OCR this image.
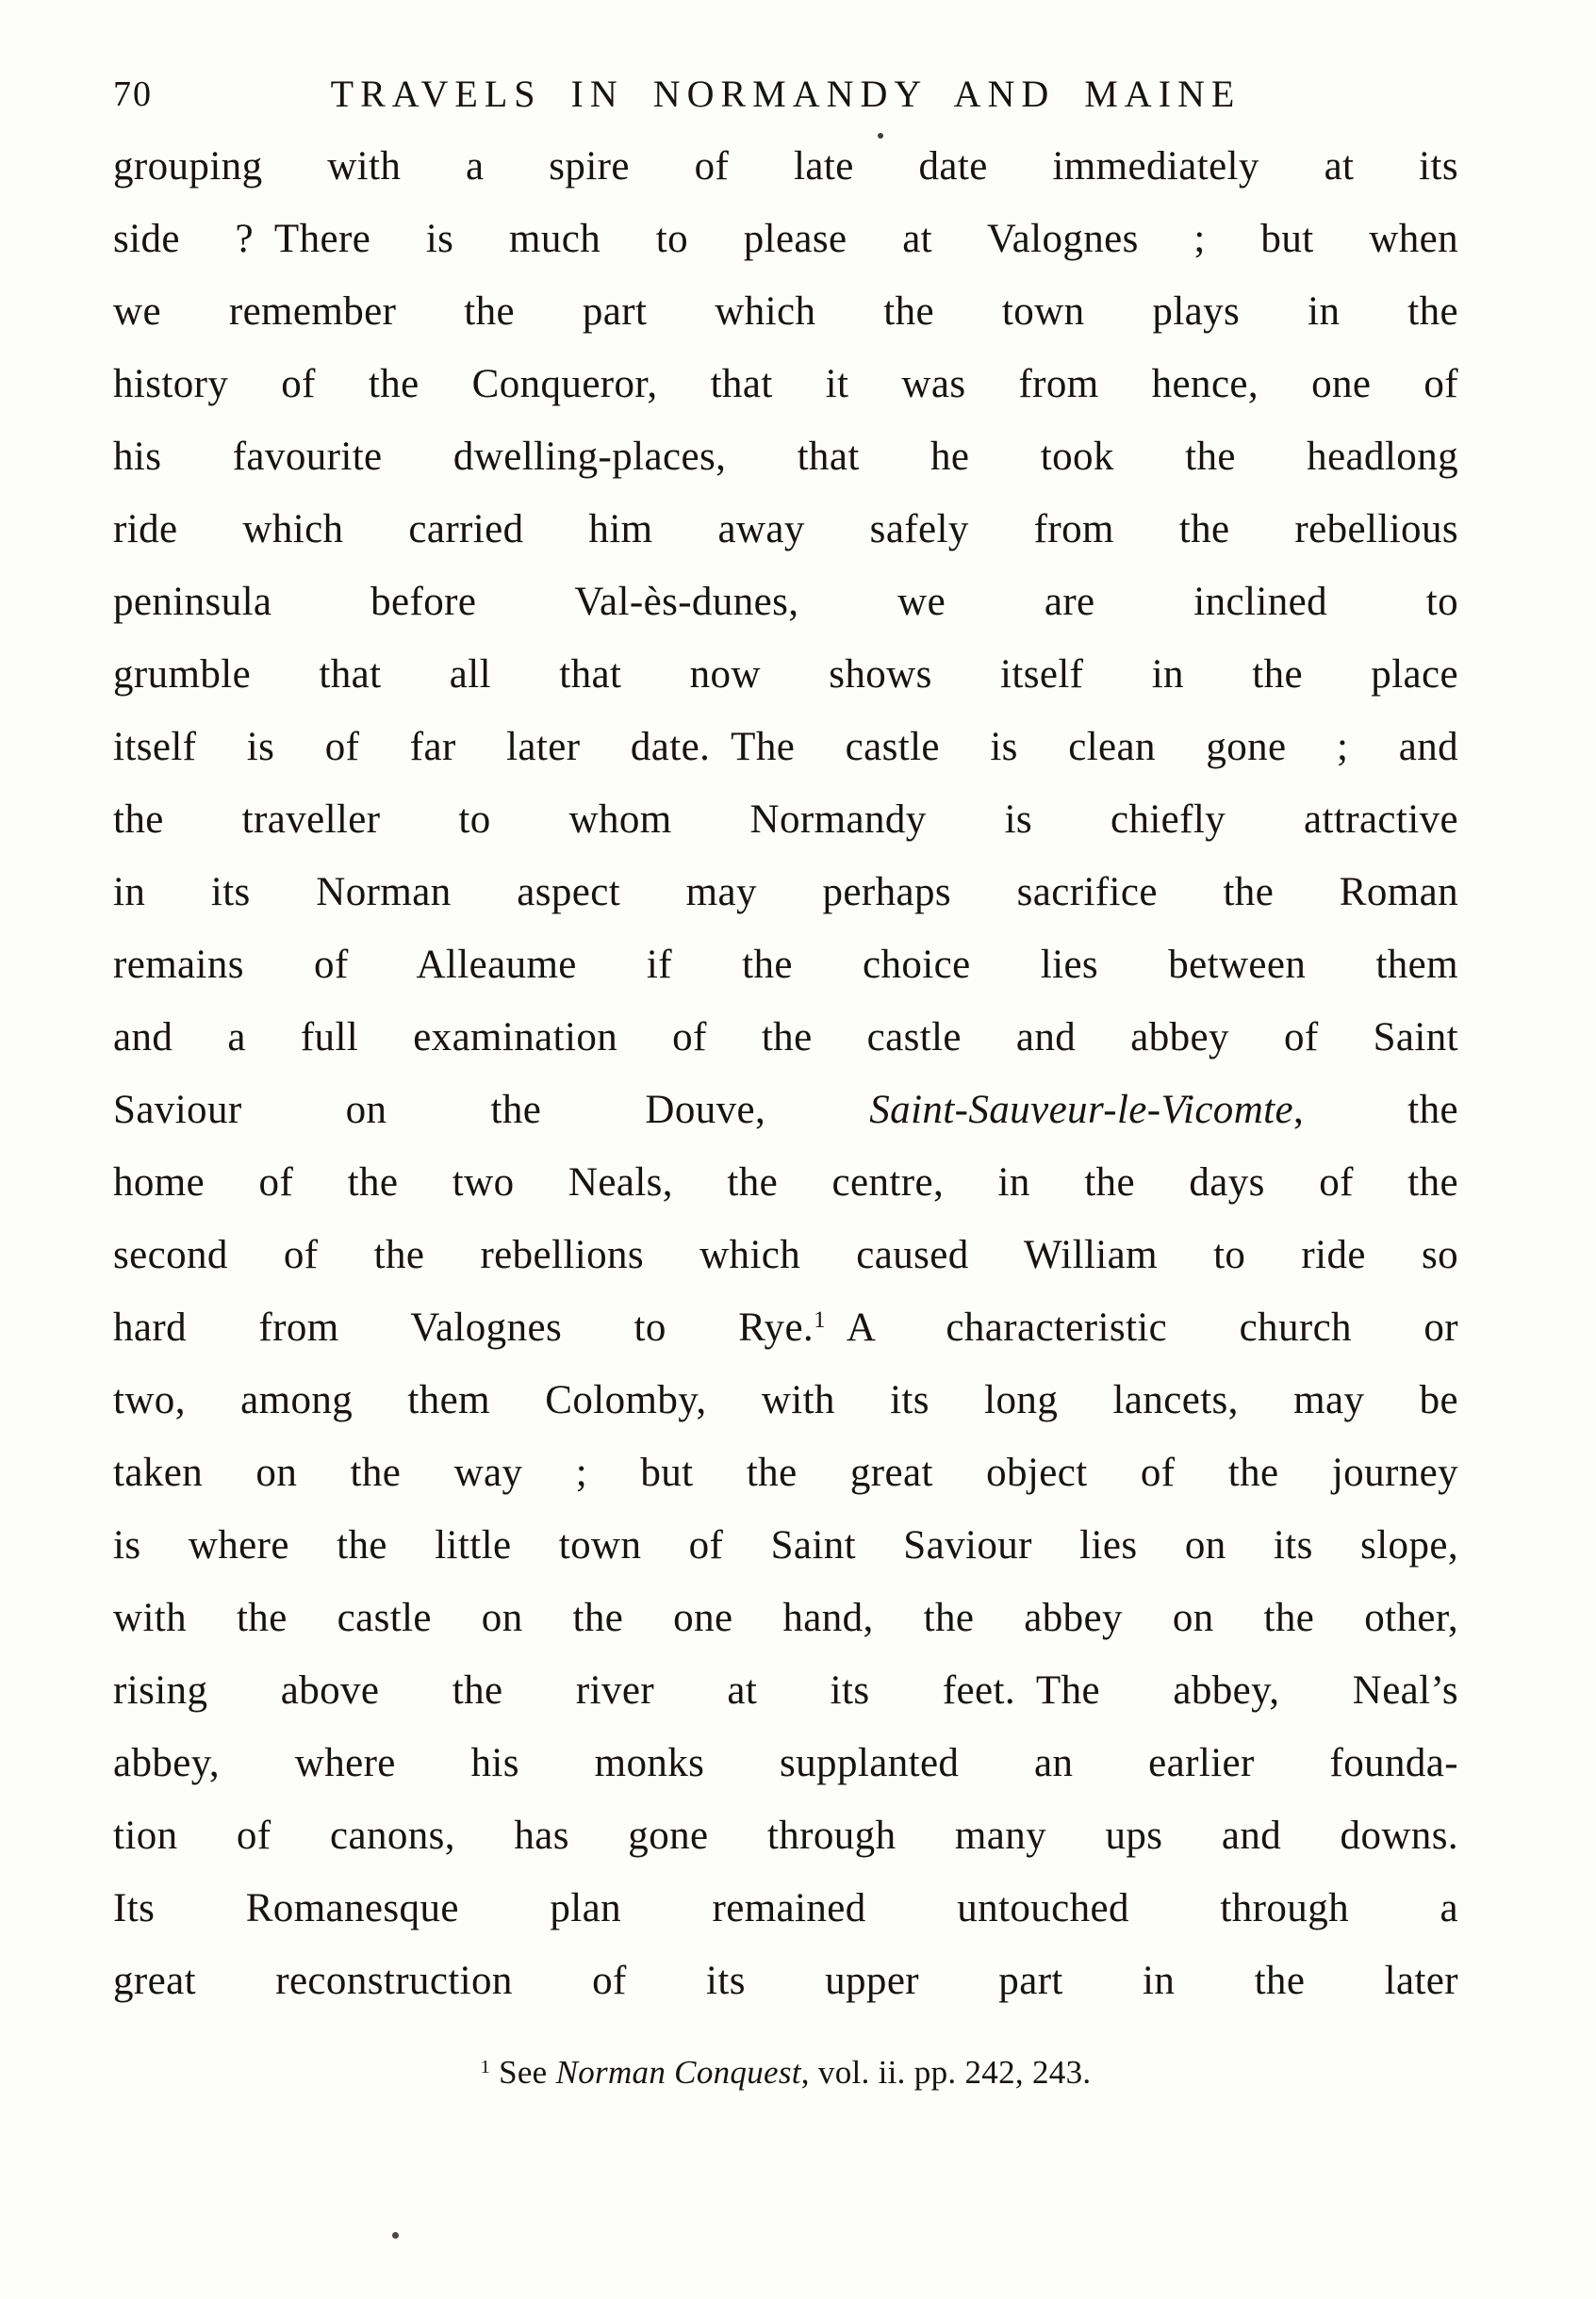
70	TRAVELS IN NORMANDY AND MAINE
grouping with a spire of late date immediately at its
side ? There is much to please at Valognes ; but when
we remember the part which the town plays in the
history of the Conqueror, that it was from hence, one of
his favourite dwelling-places, that he took the headlong
ride which carried him away safely from the rebellious
peninsula before Val-ès-dunes, we are inclined to
grumble that all that now shows itself in the place
itself is of far later date. The castle is clean gone ; and
the traveller to whom Normandy is chiefly attractive
in its Norman aspect may perhaps sacrifice the Roman
remains of Alleaume if the choice lies between them
and a full examination of the castle and abbey of Saint
Saviour on the Douve, Saint-Sauveur-le-Vicomte, the
home of the two Neals, the centre, in the days of the
second of the rebellions which caused William to ride so
hard from Valognes to Rye.$^1$ A characteristic church or
two, among them Colomby, with its long lancets, may be
taken on the way ; but the great object of the journey
is where the little town of Saint Saviour lies on its slope,
with the castle on the one hand, the abbey on the other,
rising above the river at its feet. The abbey, Neal’s
abbey, where his monks supplanted an earlier founda-
tion of canons, has gone through many ups and downs.
Its Romanesque plan remained untouched through a
great reconstruction of its upper part in the later
$^1$ See Norman Conquest, vol. ii. pp. 242, 243.
